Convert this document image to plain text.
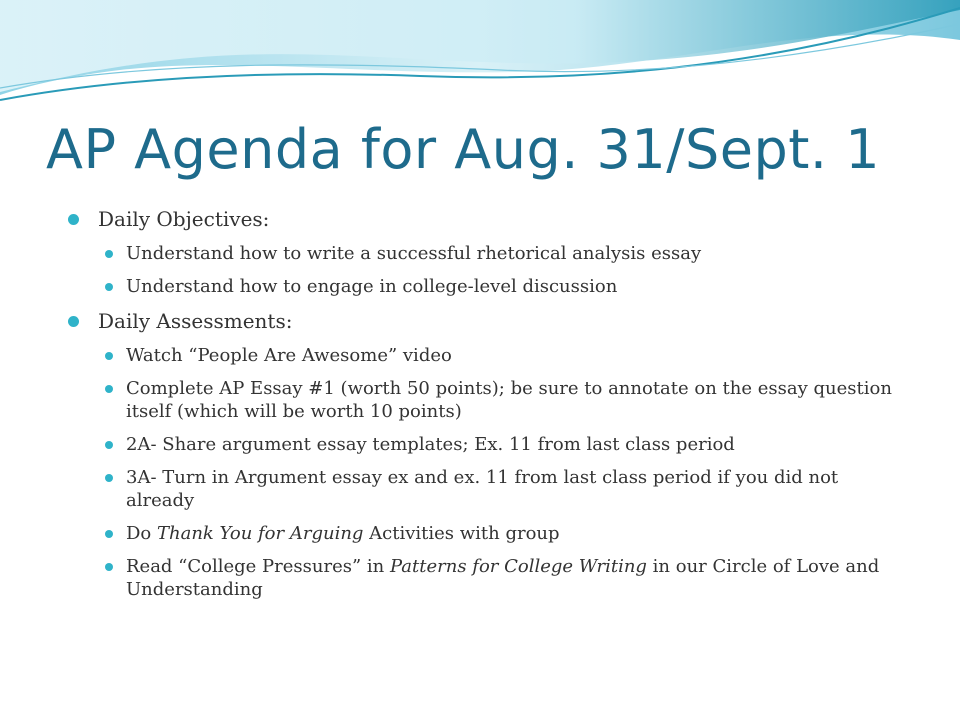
AP Agenda for Aug. 31/Sept. 1
Daily Objectives:
Understand how to write a successful rhetorical analysis essay
Understand how to engage in college-level discussion
Daily Assessments:
Watch “People Are Awesome” video
Complete AP Essay #1 (worth 50 points); be sure to annotate on the essay question itself (which will be worth 10 points)
2A- Share argument essay templates; Ex. 11 from last class period
3A- Turn in Argument essay ex and ex. 11 from last class period if you did not already
Do Thank You for Arguing Activities with group
Read “College Pressures” in Patterns for College Writing in our Circle of Love and Understanding
